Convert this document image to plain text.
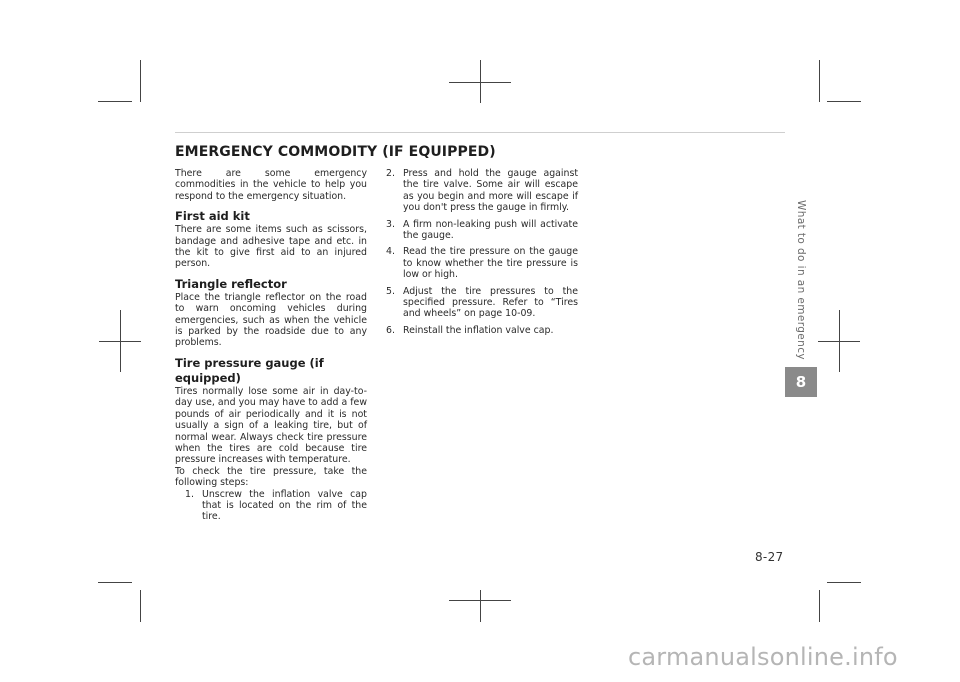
EMERGENCY COMMODITY (IF EQUIPPED)

There are some emergency commodities in the vehicle to help you respond to the emergency situation.

First aid kit

There are some items such as scissors, bandage and adhesive tape and etc. in the kit to give first aid to an injured person.

Triangle reflector

Place the triangle reflector on the road to warn oncoming vehicles during emergencies, such as when the vehicle is parked by the roadside due to any problems.

Tire pressure gauge (if
equipped)

Tires normally lose some air in day-to-day use, and you may have to add a few pounds of air periodically and it is not usually a sign of a leaking tire, but of normal wear. Always check tire pressure when the tires are cold because tire pressure increases with temperature.

To check the tire pressure, take the following steps:

1. Unscrew the inflation valve cap that is located on the rim of the tire.
2. Press and hold the gauge against the tire valve. Some air will escape as you begin and more will escape if you don't press the gauge in firmly.
3. A firm non-leaking push will activate the gauge.
4. Read the tire pressure on the gauge to know whether the tire pressure is low or high.
5. Adjust the tire pressures to the specified pressure. Refer to “Tires and wheels” on page 10-09.
6. Reinstall the inflation valve cap.	What to do in an emergency
8
8-27
carmanualsonline.info
